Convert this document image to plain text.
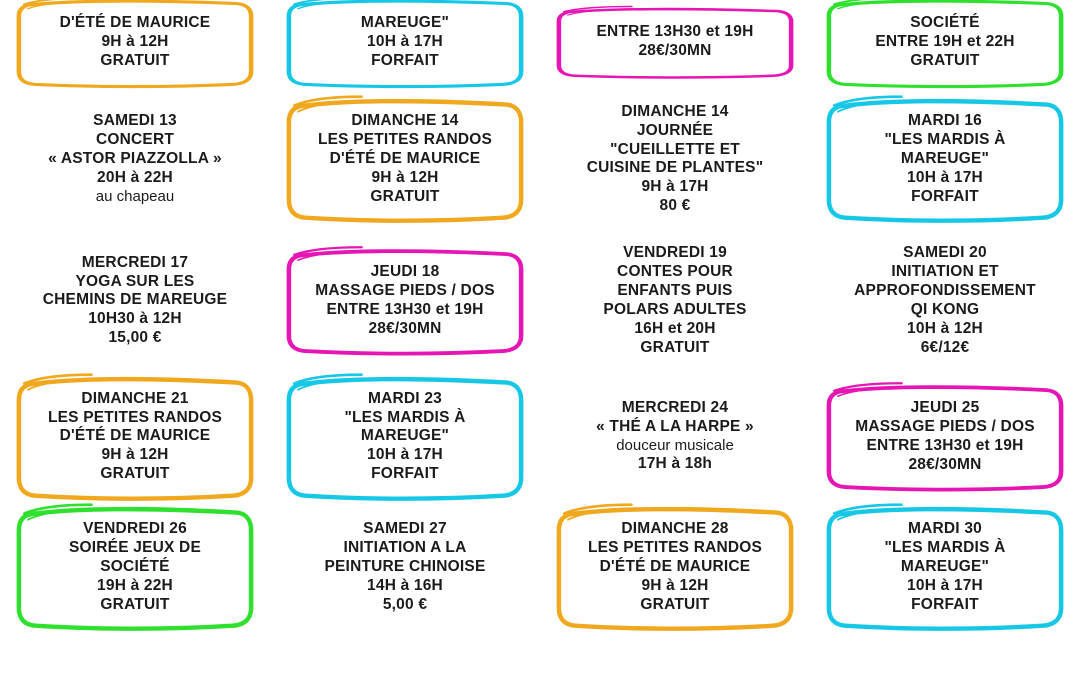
D'ÉTÉ DE MAURICE
9H à 12H
GRATUIT
MAREUGE"
10H à 17H
FORFAIT
ENTRE 13H30 et 19H
28€/30MN
SOCIÉTÉ
ENTRE 19H et 22H
GRATUIT
SAMEDI 13
CONCERT
« ASTOR PIAZZOLLA »
20H à 22H
au chapeau
DIMANCHE 14
LES PETITES RANDOS
D'ÉTÉ DE MAURICE
9H à 12H
GRATUIT
DIMANCHE 14
JOURNÉE
"CUEILLETTE ET
CUISINE DE PLANTES"
9H à 17H
80 €
MARDI 16
"LES MARDIS À
MAREUGE"
10H à 17H
FORFAIT
MERCREDI 17
YOGA SUR LES
CHEMINS DE MAREUGE
10H30 à 12H
15,00 €
JEUDI 18
MASSAGE PIEDS / DOS
ENTRE 13H30 et 19H
28€/30MN
VENDREDI 19
CONTES POUR
ENFANTS PUIS
POLARS ADULTES
16H et 20H
GRATUIT
SAMEDI 20
INITIATION ET
APPROFONDISSEMENT
QI KONG
10H à 12H
6€/12€
DIMANCHE 21
LES PETITES RANDOS
D'ÉTÉ DE MAURICE
9H à 12H
GRATUIT
MARDI 23
"LES MARDIS À
MAREUGE"
10H à 17H
FORFAIT
MERCREDI 24
« THÉ A LA HARPE »
douceur musicale
17H à 18h
JEUDI 25
MASSAGE PIEDS / DOS
ENTRE 13H30 et 19H
28€/30MN
VENDREDI 26
SOIRÉE JEUX DE
SOCIÉTÉ
19H à 22H
GRATUIT
SAMEDI 27
INITIATION A LA
PEINTURE CHINOISE
14H à 16H
5,00 €
DIMANCHE 28
LES PETITES RANDOS
D'ÉTÉ DE MAURICE
9H à 12H
GRATUIT
MARDI 30
"LES MARDIS À
MAREUGE"
10H à 17H
FORFAIT
